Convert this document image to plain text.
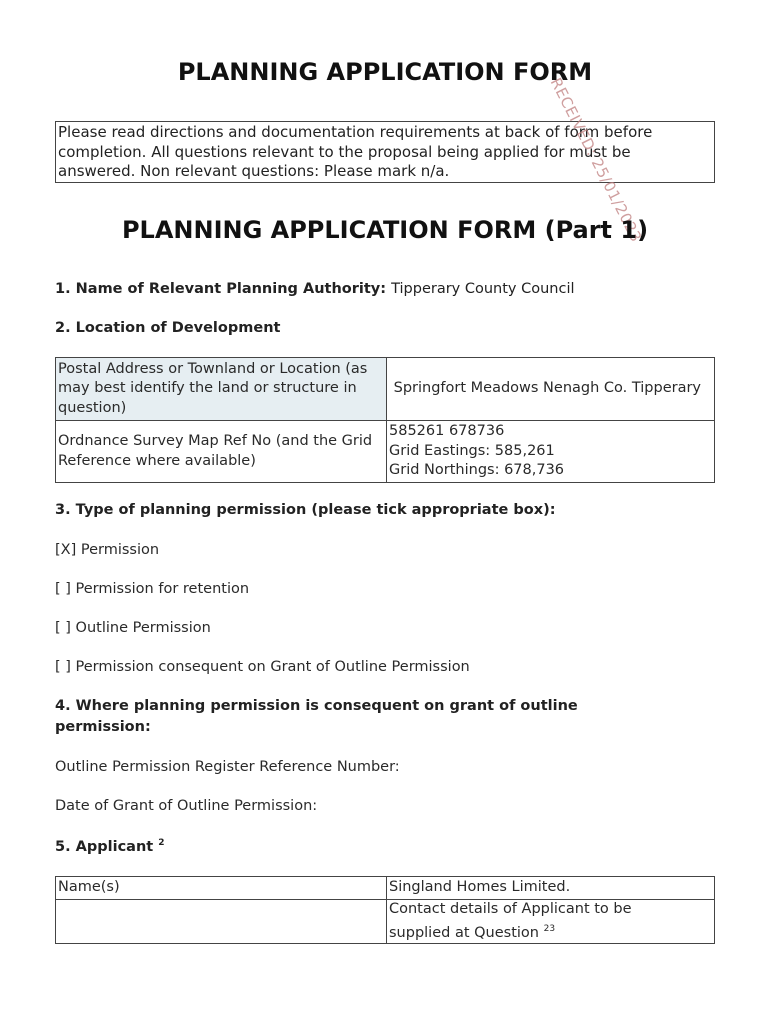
PLANNING APPLICATION FORM
Please read directions and documentation requirements at back of form before completion. All questions relevant to the proposal being applied for must be answered. Non relevant questions: Please mark n/a.	RECEIVED: 25/01/2023
PLANNING APPLICATION FORM (Part 1)
1. Name of Relevant Planning Authority: Tipperary County Council
2. Location of Development
Postal Address or Townland or Location (as may best identify the land or structure in question)	Springfort Meadows Nenagh Co. Tipperary
Ordnance Survey Map Ref No (and the Grid Reference where available)	585261 678736
Grid Eastings: 585,261
Grid Northings: 678,736
3. Type of planning permission (please tick appropriate box):
[X] Permission
[ ] Permission for retention
[ ] Outline Permission
[ ] Permission consequent on Grant of Outline Permission
4. Where planning permission is consequent on grant of outline
permission:
Outline Permission Register Reference Number:
Date of Grant of Outline Permission:
5. Applicant $^2$
Name(s)	Singland Homes Limited.

	Contact details of Applicant to be
supplied at Question $^{23}$
